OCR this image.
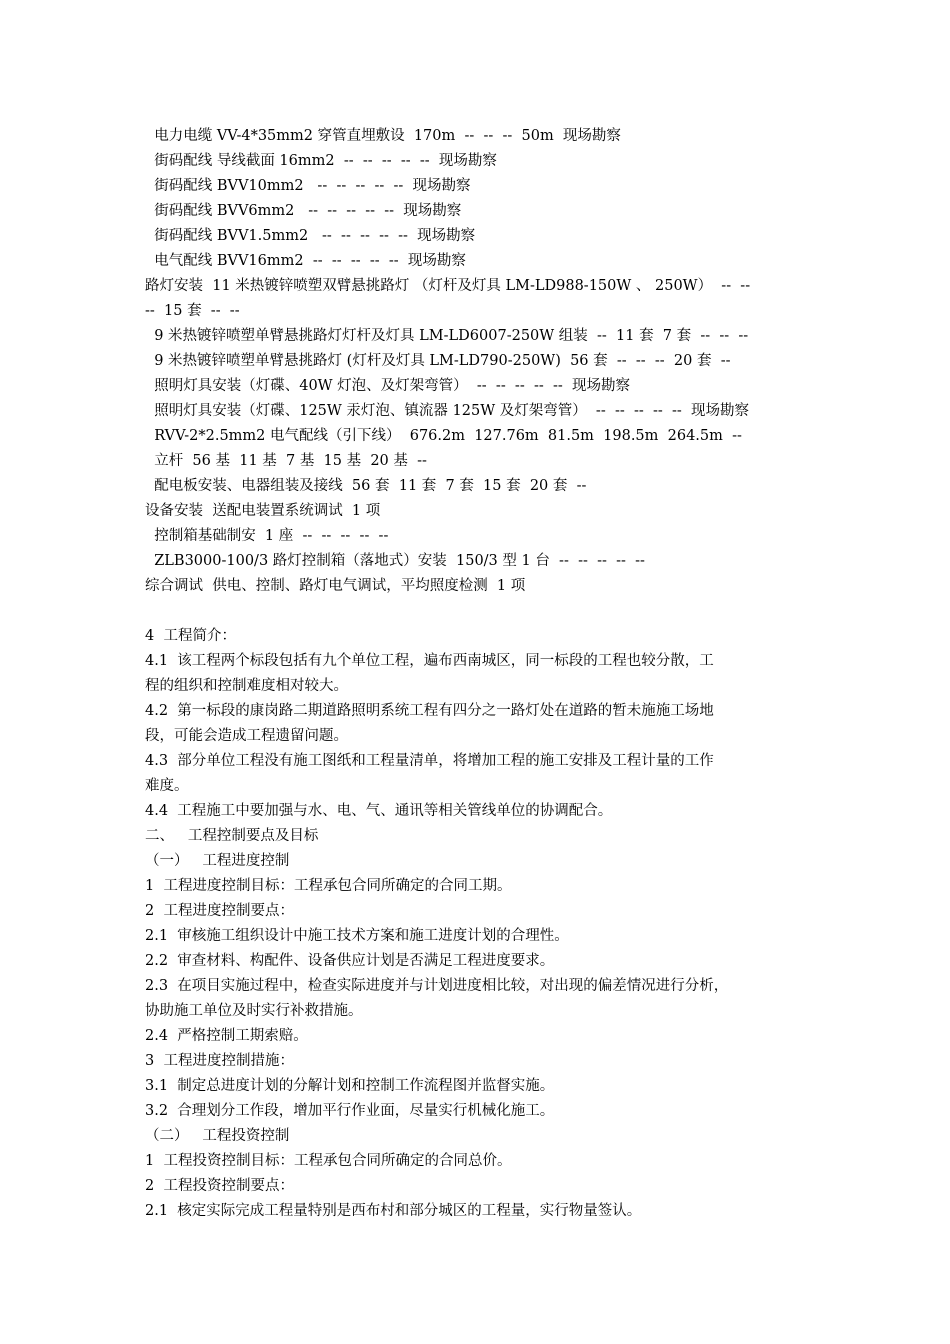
电力电缆 VV-4*35mm2 穿管直埋敷设  170m  --  --  --  50m  现场勘察
街码配线 导线截面 16mm2  --  --  --  --  --  现场勘察
街码配线 BVV10mm2   --  --  --  --  --  现场勘察
街码配线 BVV6mm2   --  --  --  --  --  现场勘察
街码配线 BVV1.5mm2   --  --  --  --  --  现场勘察
电气配线 BVV16mm2  --  --  --  --  --  现场勘察
路灯安装  11 米热镀锌喷塑双臂悬挑路灯 （灯杆及灯具 LM-LD988-150W 、 250W）  --  --
--  15 套  --  --
9 米热镀锌喷塑单臂悬挑路灯灯杆及灯具 LM-LD6007-250W 组装  --  11 套  7 套  --  --  --
9 米热镀锌喷塑单臂悬挑路灯 (灯杆及灯具 LM-LD790-250W)  56 套  --  --  --  20 套  --
照明灯具安装（灯碟、40W 灯泡、及灯架弯管）  --  --  --  --  --  现场勘察
照明灯具安装（灯碟、125W 汞灯泡、镇流器 125W 及灯架弯管）  --  --  --  --  --  现场勘察
RVV-2*2.5mm2 电气配线（引下线）  676.2m  127.76m  81.5m  198.5m  264.5m  --
立杆  56 基  11 基  7 基  15 基  20 基  --
配电板安装、电器组装及接线  56 套  11 套  7 套  15 套  20 套  --
设备安装  送配电装置系统调试  1 项
控制箱基础制安  1 座  --  --  --  --  --
ZLB3000-100/3 路灯控制箱（落地式）安装  150/3 型 1 台  --  --  --  --  --
综合调试  供电、控制、路灯电气调试，平均照度检测  1 项
4  工程简介：
4.1  该工程两个标段包括有九个单位工程，遍布西南城区，同一标段的工程也较分散，工
程的组织和控制难度相对较大。
4.2  第一标段的康岗路二期道路照明系统工程有四分之一路灯处在道路的暂未施施工场地
段，可能会造成工程遗留问题。
4.3  部分单位工程没有施工图纸和工程量清单，将增加工程的施工安排及工程计量的工作
难度。
4.4  工程施工中要加强与水、电、气、通讯等相关管线单位的协调配合。
二、   工程控制要点及目标
（一）   工程进度控制
1  工程进度控制目标：工程承包合同所确定的合同工期。
2  工程进度控制要点：
2.1  审核施工组织设计中施工技术方案和施工进度计划的合理性。
2.2  审查材料、构配件、设备供应计划是否满足工程进度要求。
2.3  在项目实施过程中，检查实际进度并与计划进度相比较，对出现的偏差情况进行分析，
协助施工单位及时实行补救措施。
2.4  严格控制工期索赔。
3  工程进度控制措施：
3.1  制定总进度计划的分解计划和控制工作流程图并监督实施。
3.2  合理划分工作段，增加平行作业面，尽量实行机械化施工。
（二）   工程投资控制
1  工程投资控制目标：工程承包合同所确定的合同总价。
2  工程投资控制要点：
2.1  核定实际完成工程量特别是西布村和部分城区的工程量，实行物量签认。
